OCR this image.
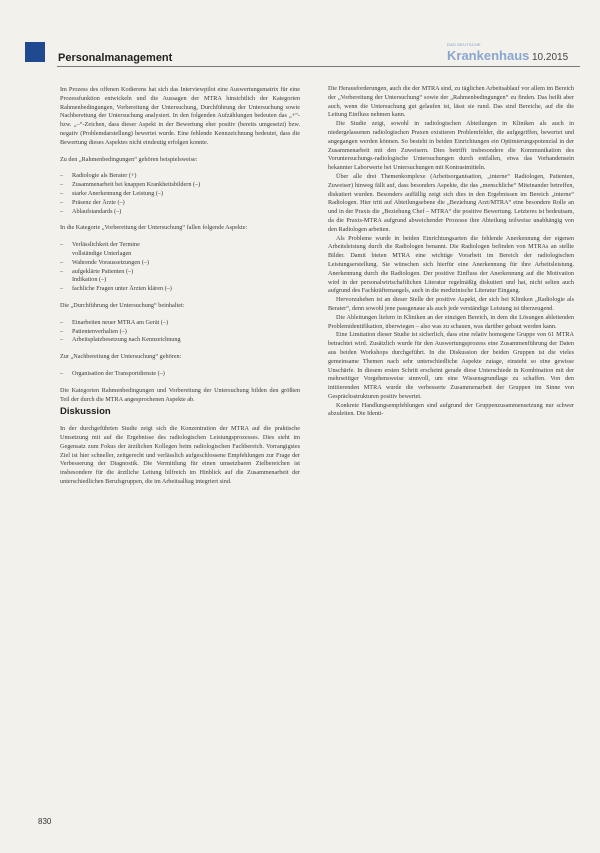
Personalmanagement
DAS DEUTSCHE
Krankenhaus 10.2015

Im Prozess des offenen Kodierens hat sich das Interviewpilot eine Auswertungsmatrix für eine Prozessfunktion entwickeln und die Aussagen der MTRA hinsichtlich der Kategorien Rahmenbedingungen, Vorbereitung der Untersuchung, Durchführung der Untersuchung sowie Nachbereitung der Untersuchung analysiert. In den folgenden Aufzählungen bedeuten das „+“- bzw. „–“-Zeichen, dass dieser Aspekt in der Bewertung eher positiv (bereits umgesetzt) bzw. negativ (Problemdarstellung) bewertet wurde. Eine fehlende Kennzeichnung bedeutet, dass die Bewertung dieses Aspektes nicht eindeutig erfolgen konnte.

Zu den „Rahmenbedingungen“ gehören beispielsweise:

– Radiologie als Berater (+)
– Zusammenarbeit bei knappen Krankheitsbildern (–)
– starke Anerkennung der Leistung (–)
– Präsenz der Ärzte (–)
– Ablaufstandards (–)

In die Kategorie „Vorbereitung der Untersuchung“ fallen folgende Aspekte:

– Verlässlichkeit der Termine
vollständige Unterlagen
– Wahrende Voraussetzungen (–)
– aufgeklärte Patienten (–)
Indikation (–)
– fachliche Fragen unter Ärzten klären (–)

Die „Durchführung der Untersuchung“ beinhaltet:

– Einarbeiten neuer MTRA am Gerät (–)
– Patientenverhalten (–)
– Arbeitsplatzbesetzung nach Kennzeichnung

Zur „Nachbereitung der Untersuchung“ gehören:

– Organisation der Transportdienste (–)

Die Kategorien Rahmenbedingungen und Vorbereitung der Untersuchung bilden den größten Teil der durch die MTRA angesprochenen Aspekte ab.

Diskussion

In der durchgeführten Studie zeigt sich die Konzentration der MTRA auf die praktische Umsetzung mit auf die Ergebnisse des radiologischen Leistungsprozesses. Dies sieht im Gegensatz zum Fokus der ärztlichen Kollegen beim radiologischen Fachbereich. Vorrangigstes Ziel ist hier schneller, zeitgerecht und verlässlich aufgeschlossene Empfehlungen zur Frage der Verbesserung der Diagnostik. Die Vermittlung für einen umsetzbaren Zielbereichen ist insbesondere für die ärztliche Leitung hilfreich im Hinblick auf die Zusammenarbeit der unterschiedlichen Berufsgruppen, die im Arbeitsalltag integriert sind.

Die Herausforderungen, auch die der MTRA sind, zu täglichen Arbeitsablauf vor allem im Bereich der „Vorbereitung der Untersuchung“ sowie der „Rahmenbedingungen“ zu finden. Das heißt aber auch, wenn die Untersuchung gut gelaufen ist, lässt sie rund. Das sind Bereiche, auf die die Leitung Einfluss nehmen kann.

Die Studie zeigt, sowohl in radiologischen Abteilungen in Kliniken als auch in niedergelassenen radiologischen Praxen existieren Problemfelder, die aufgegriffen, bewertet und angegangen werden können. So besteht in beiden Einrichtungen ein Optimierungspotenzial in der Zusammenarbeit mit den Zuweisern. Dies betrifft insbesondere die Kommunikation des Voruntersuchungs-radiologische Untersuchungen durch entfallen, etwa das Vorhandensein bekannter Laborwerte bei Untersuchungen mit Kontrastmitteln.

Über alle drei Themenkomplexe (Arbeitsorganisation, „interne“ Radiologen, Patienten, Zuweiser) hinweg fällt auf, dass besonders Aspekte, die das „menschliche“ Miteinander betreffen, diskutiert wurden. Besonders auffällig zeigt sich dies in den Ergebnissen im Bereich „interne“ Radiologen. Hier tritt auf Abteilungsebene die „Beziehung Arzt/MTRA“ eine besondere Rolle an und in der Praxis die „Beziehung Chef – MTRA“ die positive Bewertung. Letzteres ist bedeutsam, da die Praxis-MTRA aufgrund abweichender Prozesse ihre Abteilung teilweise unabhängig von den Radiologen arbeiten.

Als Probleme wurde in beiden Einrichtungsarten die fehlende Anerkennung der eigenen Arbeitsleistung durch die Radiologen benannt. Die Radiologen befinden von MTRAs an stellte Bilder. Damit bieten MTRA eine wichtige Vorarbeit im Bereich der radiologischen Leistungserstellung. Sie wünschen sich hierfür eine Anerkennung für ihre Arbeitsleistung. Anerkennung durch die Radiologen. Der positive Einfluss der Anerkennung auf die Motivation wird in der personalwirtschaftlichen Literatur regelmäßig diskutiert und hat, nicht selten auch aufgrund des Fachkräftemangels, auch in die medizinische Literatur Eingang.

Hervorzuheben ist an dieser Stelle der positive Aspekt, der sich bei Kliniken „Radiologie als Berater“, denn sowohl jene passgenaue als auch jede verständige Leistung ist überzeugend.

Die Ableitungen liefern in Kliniken an der einzigen Bereich, in dem die Lösungen ableitenden Problemidentifikation, überwiegen – also was zu schauen, was darüber gebaut werden kann.

Eine Limitation dieser Studie ist sicherlich, dass eine relativ homogene Gruppe von 61 MTRA betrachtet wird. Zusätzlich wurde für den Auswertungsprozess eine Zusammenführung der Daten aus beiden Workshops durchgeführt. In die Diskussion der beiden Gruppen ist die vieles gemeinsame Themen nach sehr unterschiedliche Aspekte zutage, einsteht so eine gewisse Unschärfe. In diesem ersten Schritt erscheint gerade diese Unterschiede in Kombination mit der mehrseitiger Vorgehensweise sinnvoll, um eine Wissensgrundlage zu schaffen. Von den initiierenden MTRA wurde die verbesserte Zusammenarbeit der Gruppen im Sinne von Gesprächsstrukturen positiv bewertet.

Konkrete Handlungsempfehlungen sind aufgrund der Gruppenzusammensetzung nur schwer abzuleiten. Die Identi-

830
